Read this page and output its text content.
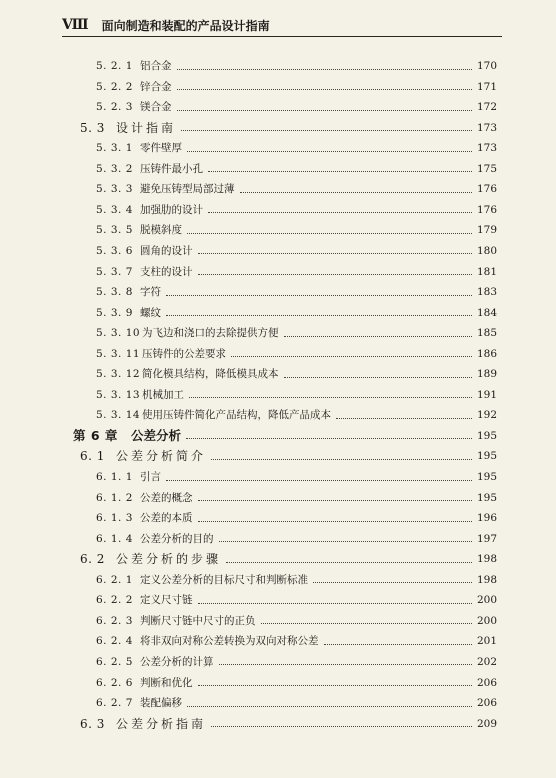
Ⅷ 面向制造和装配的产品设计指南
5. 2. 1 铝合金	170
5. 2. 2 锌合金	171
5. 2. 3 镁合金	172
5. 3 设计指南	173
5. 3. 1 零件壁厚	173
5. 3. 2 压铸件最小孔	175
5. 3. 3 避免压铸型局部过薄	176
5. 3. 4 加强肋的设计	176
5. 3. 5 脱模斜度	179
5. 3. 6 圆角的设计	180
5. 3. 7 支柱的设计	181
5. 3. 8 字符	183
5. 3. 9 螺纹	184
5. 3. 10 为飞边和浇口的去除提供方便	185
5. 3. 11 压铸件的公差要求	186
5. 3. 12 简化模具结构，降低模具成本	189
5. 3. 13 机械加工	191
5. 3. 14 使用压铸件简化产品结构，降低产品成本	192
第 6 章	公差分析	195
6. 1 公差分析简介	195
6. 1. 1 引言	195
6. 1. 2 公差的概念	195
6. 1. 3 公差的本质	196
6. 1. 4 公差分析的目的	197
6. 2 公差分析的步骤	198
6. 2. 1 定义公差分析的目标尺寸和判断标准	198
6. 2. 2 定义尺寸链	200
6. 2. 3 判断尺寸链中尺寸的正负	200
6. 2. 4 将非双向对称公差转换为双向对称公差	201
6. 2. 5 公差分析的计算	202
6. 2. 6 判断和优化	206
6. 2. 7 装配偏移	206
6. 3 公差分析指南	209
